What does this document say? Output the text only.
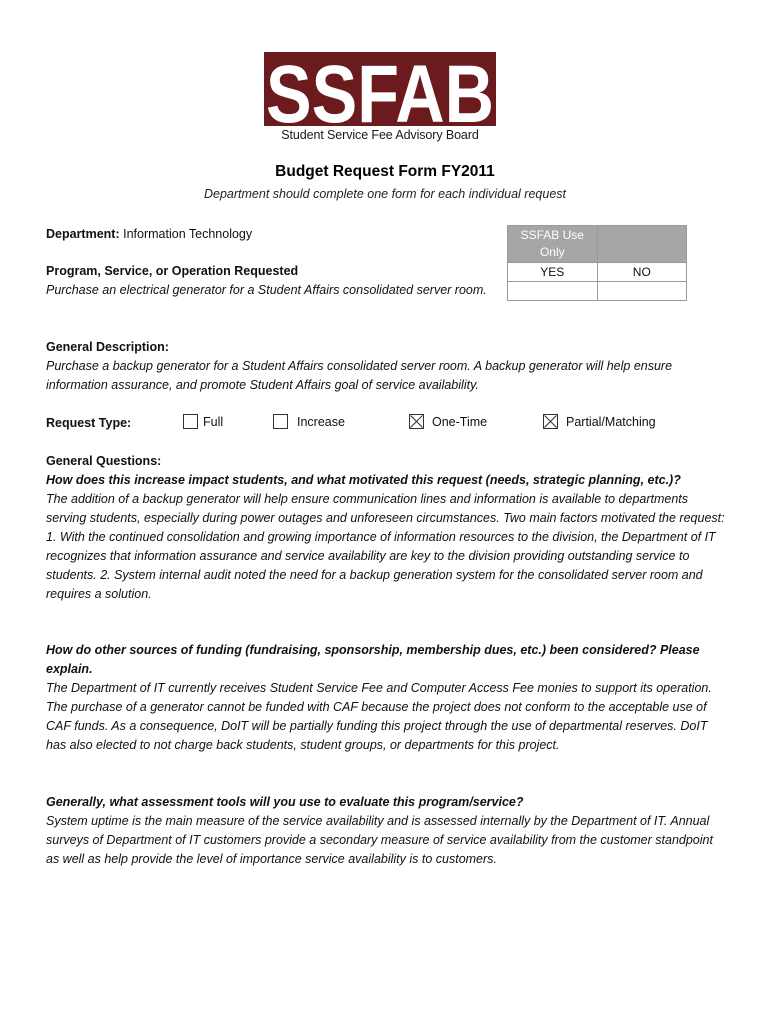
SSFAB
Student Service Fee Advisory Board
Budget Request Form FY2011
Department should complete one form for each individual request
Department: Information Technology	SSFAB Use Only	
YES	NO

Program, Service, or Operation Requested
Purchase an electrical generator for a Student Affairs consolidated server room.
General Description:
Purchase a backup generator for a Student Affairs consolidated server room. A backup generator will help ensure information assurance, and promote Student Affairs goal of service availability.
Request Type:	Full	Increase	One-Time	Partial/Matching
General Questions:
How does this increase impact students, and what motivated this request (needs, strategic planning, etc.)?
The addition of a backup generator will help ensure communication lines and information is available to departments serving students, especially during power outages and unforeseen circumstances. Two main factors motivated the request: 1. With the continued consolidation and growing importance of information resources to the division, the Department of IT recognizes that information assurance and service availability are key to the division providing outstanding service to students. 2. System internal audit noted the need for a backup generation system for the consolidated server room and requires a solution.
How do other sources of funding (fundraising, sponsorship, membership dues, etc.) been considered? Please explain.
The Department of IT currently receives Student Service Fee and Computer Access Fee monies to support its operation. The purchase of a generator cannot be funded with CAF because the project does not conform to the acceptable use of CAF funds. As a consequence, DoIT will be partially funding this project through the use of departmental reserves. DoIT has also elected to not charge back students, student groups, or departments for this project.
Generally, what assessment tools will you use to evaluate this program/service?
System uptime is the main measure of the service availability and is assessed internally by the Department of IT. Annual surveys of Department of IT customers provide a secondary measure of service availability from the customer standpoint as well as help provide the level of importance service availability is to customers.
